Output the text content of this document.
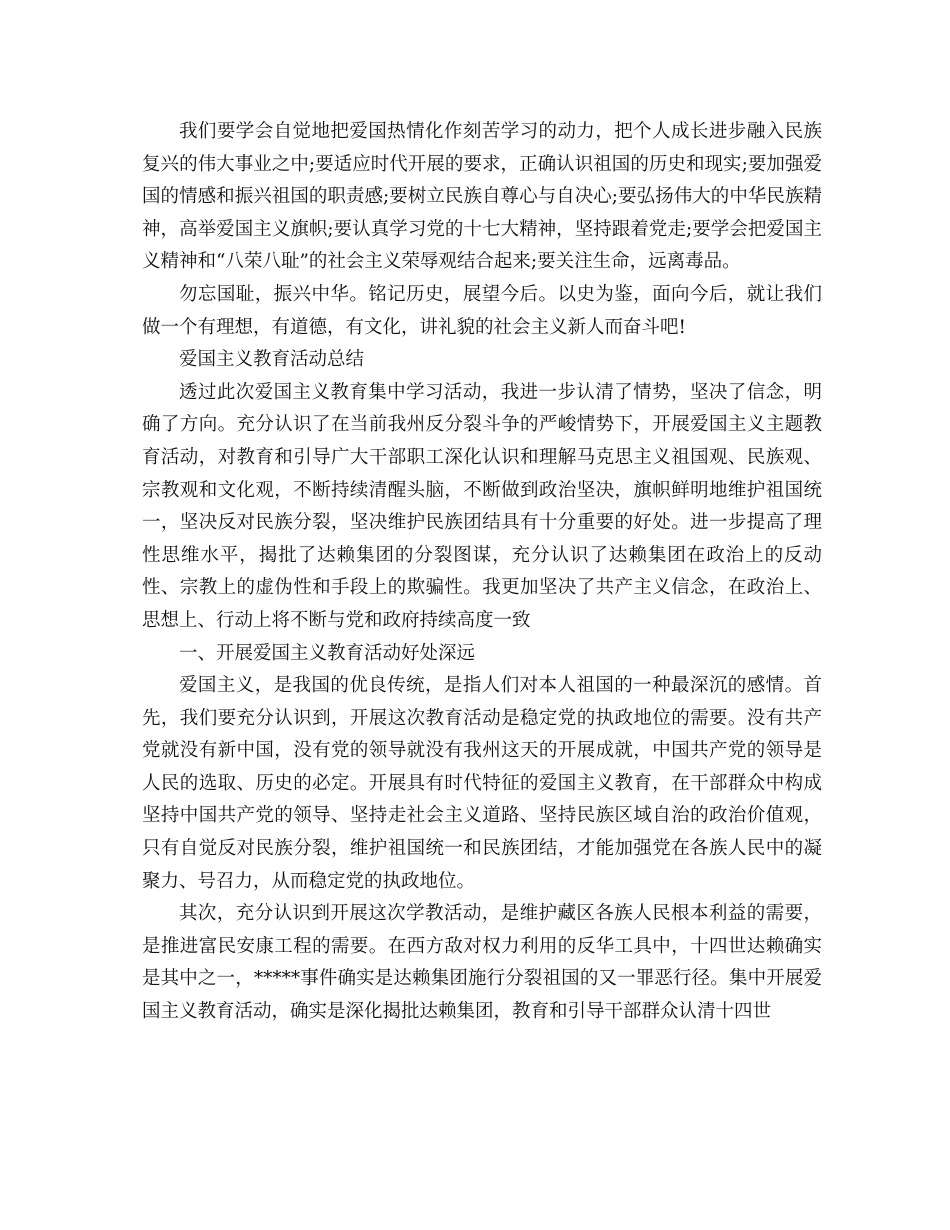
我们要学会自觉地把爱国热情化作刻苦学习的动力，把个人成长进步融入民族复兴的伟大事业之中;要适应时代开展的要求，正确认识祖国的历史和现实;要加强爱国的情感和振兴祖国的职责感;要树立民族自尊心与自决心;要弘扬伟大的中华民族精神，高举爱国主义旗帜;要认真学习党的十七大精神，坚持跟着党走;要学会把爱国主义精神和“八荣八耻”的社会主义荣辱观结合起来;要关注生命，远离毒品。

勿忘国耻，振兴中华。铭记历史，展望今后。以史为鉴，面向今后，就让我们做一个有理想，有道德，有文化，讲礼貌的社会主义新人而奋斗吧!

爱国主义教育活动总结

透过此次爱国主义教育集中学习活动，我进一步认清了情势，坚决了信念，明确了方向。充分认识了在当前我州反分裂斗争的严峻情势下，开展爱国主义主题教育活动，对教育和引导广大干部职工深化认识和理解马克思主义祖国观、民族观、宗教观和文化观，不断持续清醒头脑，不断做到政治坚决，旗帜鲜明地维护祖国统一，坚决反对民族分裂，坚决维护民族团结具有十分重要的好处。进一步提高了理性思维水平，揭批了达赖集团的分裂图谋，充分认识了达赖集团在政治上的反动性、宗教上的虚伪性和手段上的欺骗性。我更加坚决了共产主义信念，在政治上、思想上、行动上将不断与党和政府持续高度一致

一、开展爱国主义教育活动好处深远

爱国主义，是我国的优良传统，是指人们对本人祖国的一种最深沉的感情。首先，我们要充分认识到，开展这次教育活动是稳定党的执政地位的需要。没有共产党就没有新中国，没有党的领导就没有我州这天的开展成就，中国共产党的领导是人民的选取、历史的必定。开展具有时代特征的爱国主义教育，在干部群众中构成坚持中国共产党的领导、坚持走社会主义道路、坚持民族区域自治的政治价值观，只有自觉反对民族分裂，维护祖国统一和民族团结，才能加强党在各族人民中的凝聚力、号召力，从而稳定党的执政地位。

其次，充分认识到开展这次学教活动，是维护藏区各族人民根本利益的需要，是推进富民安康工程的需要。在西方敌对权力利用的反华工具中，十四世达赖确实是其中之一，*****事件确实是达赖集团施行分裂祖国的又一罪恶行径。集中开展爱国主义教育活动，确实是深化揭批达赖集团，教育和引导干部群众认清十四世
